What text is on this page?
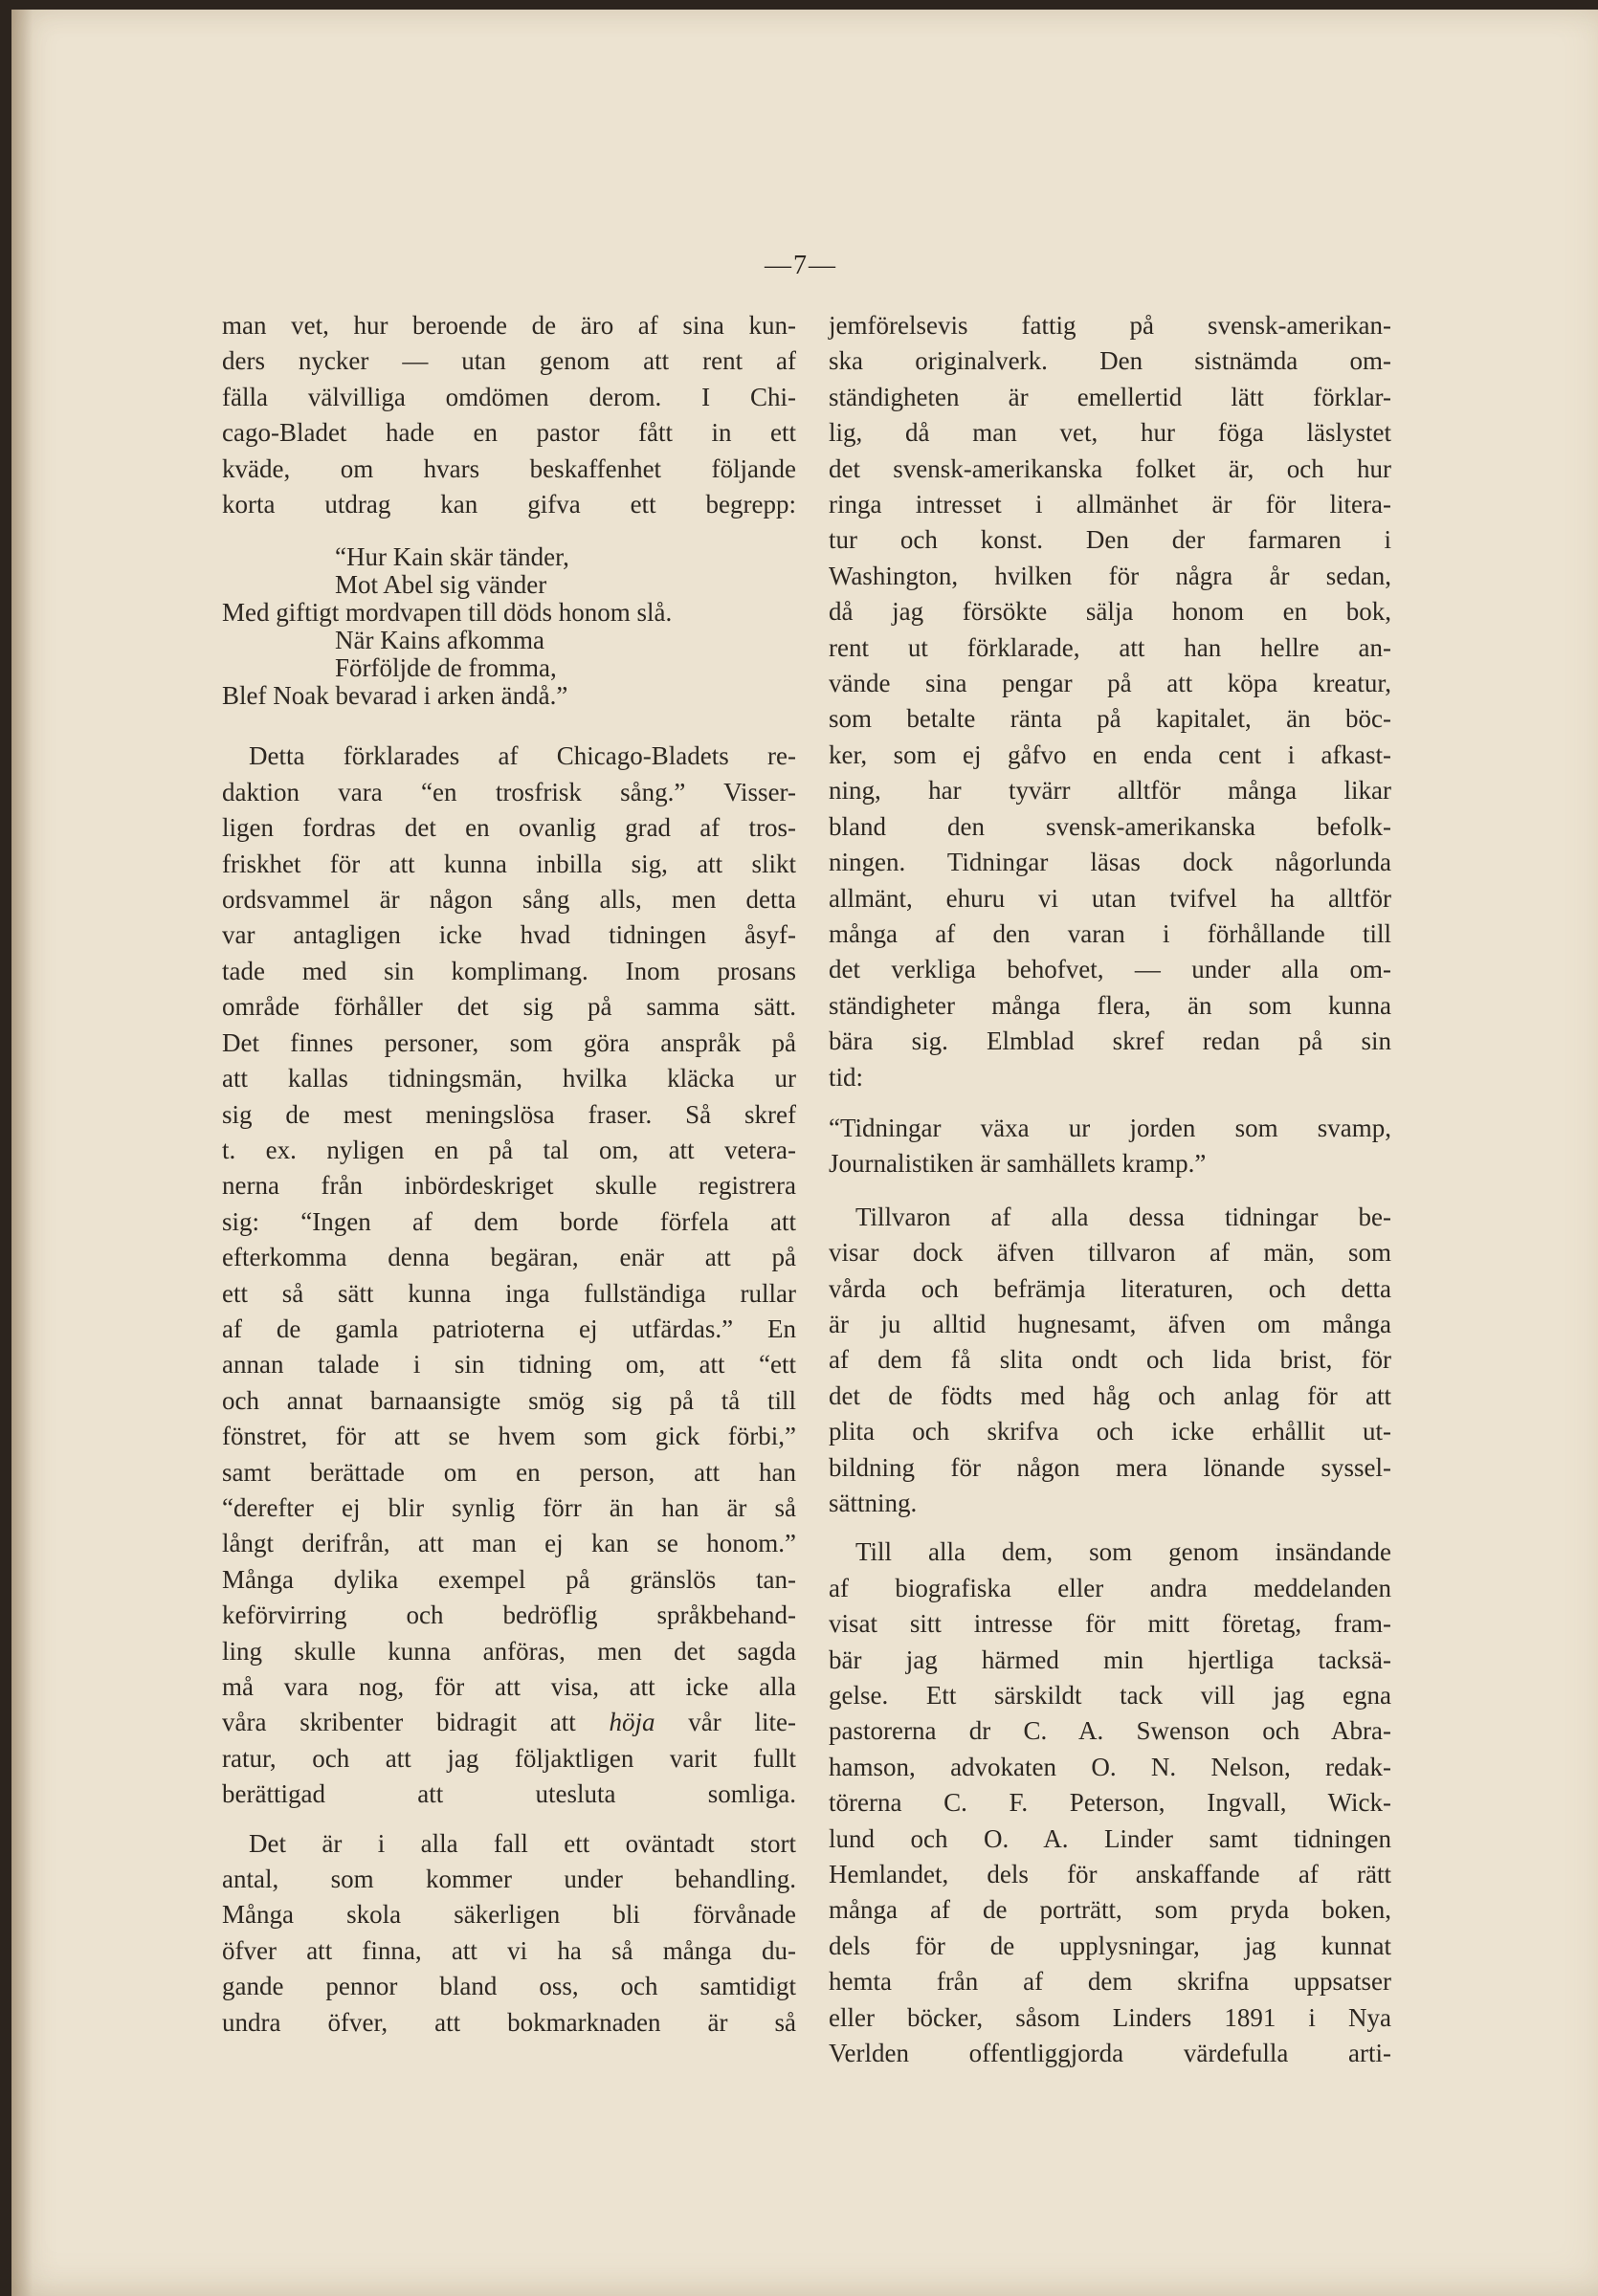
—7—
man vet, hur beroende de äro af sina kun-
ders nycker — utan genom att rent af
fälla välvilliga omdömen derom. I Chi-
cago-Bladet hade en pastor fått in ett
kväde, om hvars beskaffenhet följande
korta utdrag kan gifva ett begrepp:
“Hur Kain skär tänder,
Mot Abel sig vänder
Med giftigt mordvapen till döds honom slå.
När Kains afkomma
Förföljde de fromma,
Blef Noak bevarad i arken ändå.”
Detta förklarades af Chicago-Bladets re-
daktion vara “en trosfrisk sång.” Visser-
ligen fordras det en ovanlig grad af tros-
friskhet för att kunna inbilla sig, att slikt
ordsvammel är någon sång alls, men detta
var antagligen icke hvad tidningen åsyf-
tade med sin komplimang. Inom prosans
område förhåller det sig på samma sätt.
Det finnes personer, som göra anspråk på
att kallas tidningsmän, hvilka kläcka ur
sig de mest meningslösa fraser. Så skref
t. ex. nyligen en på tal om, att vetera-
nerna från inbördeskriget skulle registrera
sig: “Ingen af dem borde förfela att
efterkomma denna begäran, enär att på
ett så sätt kunna inga fullständiga rullar
af de gamla patrioterna ej utfärdas.” En
annan talade i sin tidning om, att “ett
och annat barnaansigte smög sig på tå till
fönstret, för att se hvem som gick förbi,”
samt berättade om en person, att han
“derefter ej blir synlig förr än han är så
långt derifrån, att man ej kan se honom.”
Många dylika exempel på gränslös tan-
keförvirring och bedröflig språkbehand-
ling skulle kunna anföras, men det sagda
må vara nog, för att visa, att icke alla
våra skribenter bidragit att höja vår lite-
ratur, och att jag följaktligen varit fullt
berättigad att utesluta somliga.
Det är i alla fall ett oväntadt stort
antal, som kommer under behandling.
Många skola säkerligen bli förvånade
öfver att finna, att vi ha så många du-
gande pennor bland oss, och samtidigt
undra öfver, att bokmarknaden är så
jemförelsevis fattig på svensk-amerikan-
ska originalverk. Den sistnämda om-
ständigheten är emellertid lätt förklar-
lig, då man vet, hur föga läslystet
det svensk-amerikanska folket är, och hur
ringa intresset i allmänhet är för litera-
tur och konst. Den der farmaren i
Washington, hvilken för några år sedan,
då jag försökte sälja honom en bok,
rent ut förklarade, att han hellre an-
vände sina pengar på att köpa kreatur,
som betalte ränta på kapitalet, än böc-
ker, som ej gåfvo en enda cent i afkast-
ning, har tyvärr alltför många likar
bland den svensk-amerikanska befolk-
ningen. Tidningar läsas dock någorlunda
allmänt, ehuru vi utan tvifvel ha alltför
många af den varan i förhållande till
det verkliga behofvet, — under alla om-
ständigheter många flera, än som kunna
bära sig. Elmblad skref redan på sin
tid:
“Tidningar växa ur jorden som svamp,
Journalistiken är samhällets kramp.”
Tillvaron af alla dessa tidningar be-
visar dock äfven tillvaron af män, som
vårda och befrämja literaturen, och detta
är ju alltid hugnesamt, äfven om många
af dem få slita ondt och lida brist, för
det de födts med håg och anlag för att
plita och skrifva och icke erhållit ut-
bildning för någon mera lönande syssel-
sättning.
Till alla dem, som genom insändande
af biografiska eller andra meddelanden
visat sitt intresse för mitt företag, fram-
bär jag härmed min hjertliga tacksä-
gelse. Ett särskildt tack vill jag egna
pastorerna dr C. A. Swenson och Abra-
hamson, advokaten O. N. Nelson, redak-
törerna C. F. Peterson, Ingvall, Wick-
lund och O. A. Linder samt tidningen
Hemlandet, dels för anskaffande af rätt
många af de porträtt, som pryda boken,
dels för de upplysningar, jag kunnat
hemta från af dem skrifna uppsatser
eller böcker, såsom Linders 1891 i Nya
Verlden offentliggjorda värdefulla arti-
